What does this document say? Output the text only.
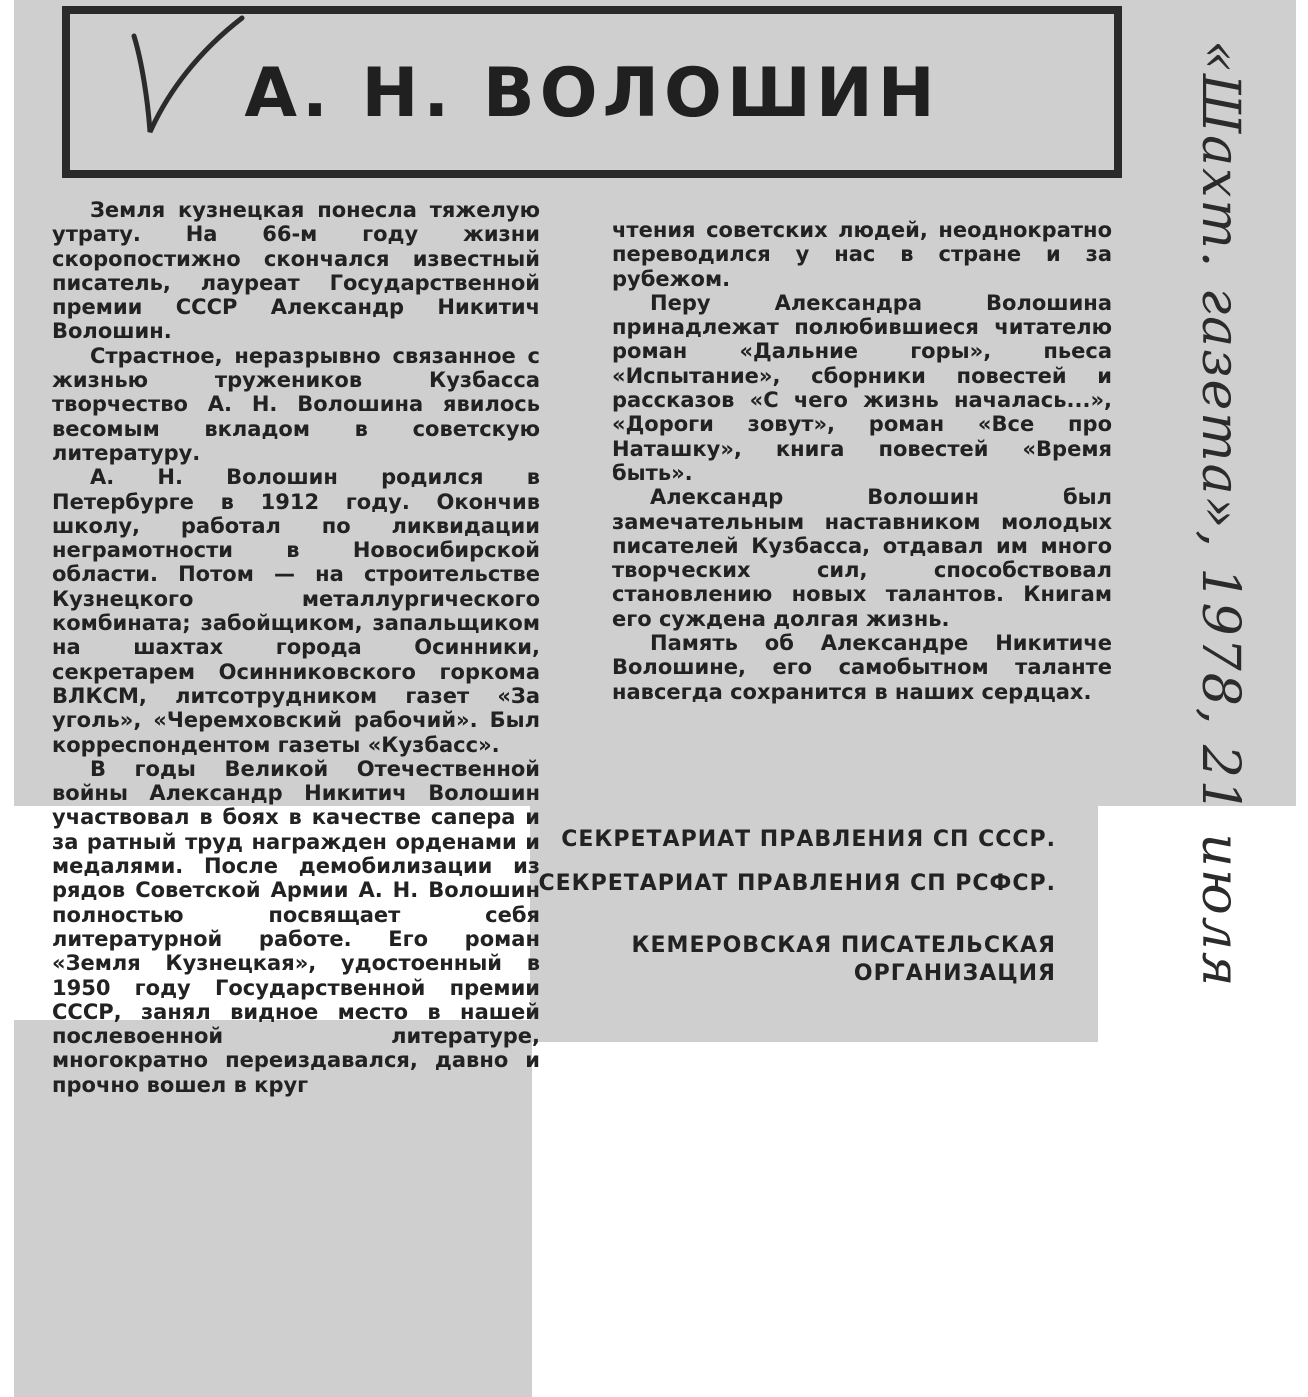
А. Н. ВОЛОШИН	«Шахт. газета», 1978, 21 июля

Земля кузнецкая понесла тяжелую утрату. На 66-м году жизни скоропостижно скончался известный писатель, лауреат Государственной премии СССР Александр Никитич Волошин.

Страстное, неразрывно связанное с жизнью тружеников Кузбасса творчество А. Н. Волошина явилось весомым вкладом в советскую литературу.

А. Н. Волошин родился в Петербурге в 1912 году. Окончив школу, работал по ликвидации неграмотности в Новосибирской области. Потом — на строительстве Кузнецкого металлургического комбината; забойщиком, запальщиком на шахтах города Осинники, секретарем Осинниковского горкома ВЛКСМ, литсотрудником газет «За уголь», «Черемховский рабочий». Был корреспондентом газеты «Кузбасс».

В годы Великой Отечественной войны Александр Никитич Волошин участвовал в боях в качестве сапера и за ратный труд награжден орденами и медалями. После демобилизации из рядов Советской Армии А. Н. Волошин полностью посвящает себя литературной работе. Его роман «Земля Кузнецкая», удостоенный в 1950 году Государственной премии СССР, занял видное место в нашей послевоенной литературе, многократно переиздавался, давно и прочно вошел в круг

чтения советских людей, неоднократно переводился у нас в стране и за рубежом.

Перу Александра Волошина принадлежат полюбившиеся читателю роман «Дальние горы», пьеса «Испытание», сборники повестей и рассказов «С чего жизнь началась...», «Дороги зовут», роман «Все про Наташку», книга повестей «Время быть».

Александр Волошин был замечательным наставником молодых писателей Кузбасса, отдавал им много творческих сил, способствовал становлению новых талантов. Книгам его суждена долгая жизнь.

Память об Александре Никитиче Волошине, его самобытном таланте навсегда сохранится в наших сердцах.

СЕКРЕТАРИАТ ПРАВЛЕНИЯ СП СССР.
СЕКРЕТАРИАТ ПРАВЛЕНИЯ СП РСФСР.
КЕМЕРОВСКАЯ ПИСАТЕЛЬСКАЯ ОРГАНИЗАЦИЯ
